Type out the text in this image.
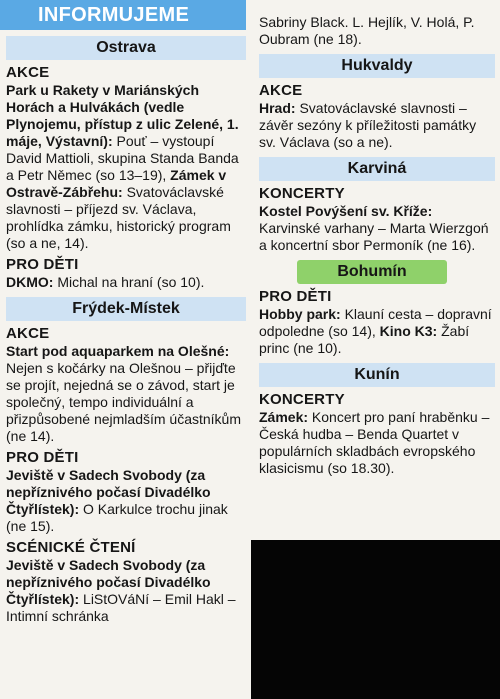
INFORMUJEME
Ostrava
AKCE

Park u Rakety v Mariánských Horách a Hulvákách (vedle Plynojemu, přístup z ulic Zelené, 1. máje, Výstavní): Pouť – vystoupí David Mattioli, skupina Standa Banda a Petr Němec (so 13–19), Zámek v Ostravě-Zábřehu: Svatováclavské slavnosti – příjezd sv. Václava, prohlídka zámku, historický program (so a ne, 14).

PRO DĚTI

DKMO: Michal na hraní (so 10).

Frýdek-Místek
AKCE

Start pod aquaparkem na Olešné: Nejen s kočárky na Olešnou – přijďte se projít, nejedná se o závod, start je společný, tempo individuální a přizpůsobené nejmladším účastníkům (ne 14).

PRO DĚTI

Jeviště v Sadech Svobody (za nepříznivého počasí Divadélko Čtyřlístek): O Karkulce trochu jinak (ne 15).

SCÉNICKÉ ČTENÍ

Jeviště v Sadech Svobody (za nepříznivého počasí Divadélko Čtyřlístek): LiStOVáNí – Emil Hakl – Intimní schránka

Sabriny Black. L. Hejlík, V. Holá, P. Oubram (ne 18).

Hukvaldy
AKCE

Hrad: Svatováclavské slavnosti – závěr sezóny k příležitosti památky sv. Václava (so a ne).

Karviná
KONCERTY

Kostel Povýšení sv. Kříže: Karvinské varhany – Marta Wierzgoń a koncertní sbor Permoník (ne 16).

Bohumín
PRO DĚTI

Hobby park: Klauní cesta – dopravní odpoledne (so 14), Kino K3: Žabí princ (ne 10).

Kunín
KONCERTY

Zámek: Koncert pro paní hraběnku – Česká hudba – Benda Quartet v populárních skladbách evropského klasicismu (so 18.30).
